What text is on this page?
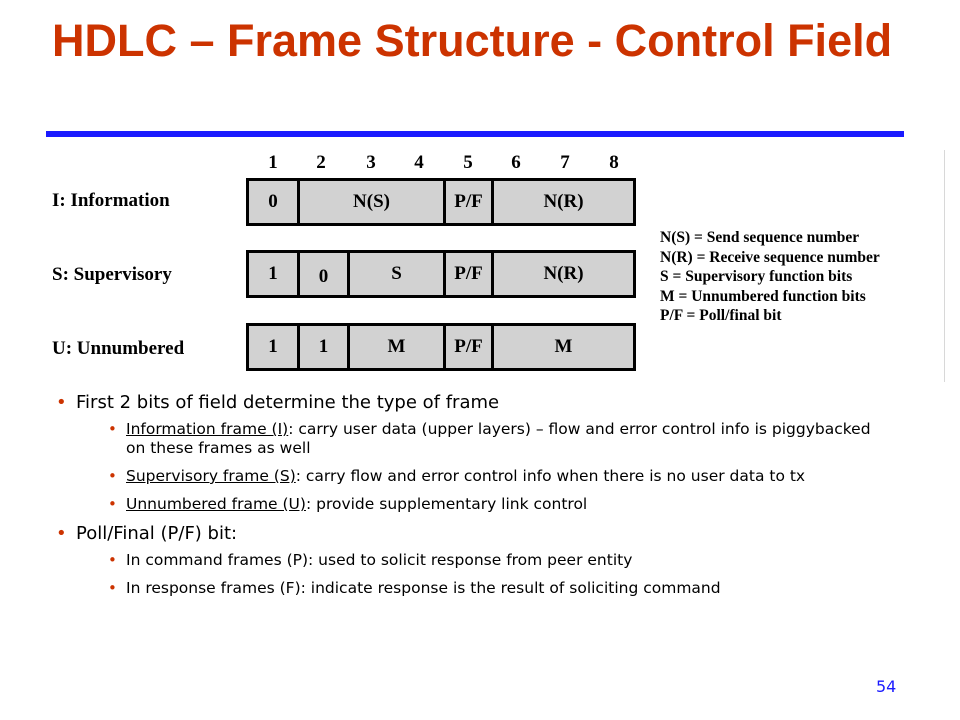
HDLC – Frame Structure - Control Field
1	2	3	4	5	6	7	8
I: Information	0	N(S)	P/F	N(R)
S: Supervisory	1	0	S	P/F	N(R)
U: Unnumbered	1	1	M	P/F	M
N(S) = Send sequence number
N(R) = Receive sequence number
S = Supervisory function bits
M = Unnumbered function bits
P/F = Poll/final bit
• First 2 bits of field determine the type of frame
• Information frame (I): carry user data (upper layers) – flow and error control info is piggybacked on these frames as well
• Supervisory frame (S): carry flow and error control info when there is no user data to tx
• Unnumbered frame (U): provide supplementary link control
• Poll/Final (P/F) bit:
• In command frames (P): used to solicit response from peer entity
• In response frames (F): indicate response is the result of soliciting command
54
